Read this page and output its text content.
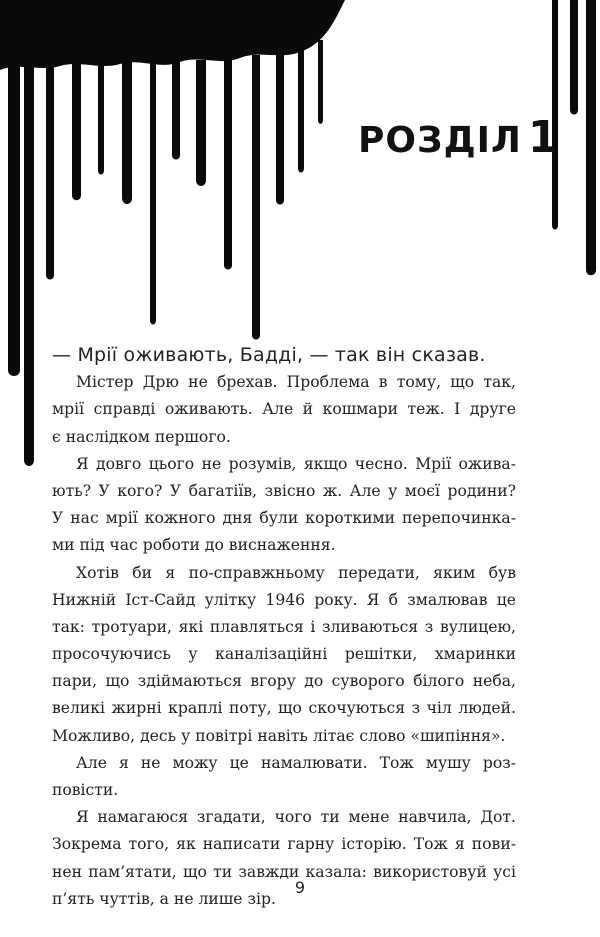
РОЗДІЛ 1
— Мрії оживають, Бадді, — так він сказав.
Містер Дрю не брехав. Проблема в тому, що так,
мрії справді оживають. Але й кошмари теж. І друге
є наслідком першого.
Я довго цього не розумів, якщо чесно. Мрії ожива-
ють? У кого? У багатіїв, звісно ж. Але у моєї родини?
У нас мрії кожного дня були короткими перепочинка-
ми під час роботи до виснаження.
Хотів би я по-справжньому передати, яким був
Нижній Іст-Сайд улітку 1946 року. Я б змалював це
так: тротуари, які плавляться і зливаються з вулицею,
просочуючись у каналізаційні решітки, хмаринки
пари, що здіймаються вгору до суворого білого неба,
великі жирні краплі поту, що скочуються з чіл людей.
Можливо, десь у повітрі навіть літає слово «шипіння».
Але я не можу це намалювати. Тож мушу роз-
повісти.
Я намагаюся згадати, чого ти мене навчила, Дот.
Зокрема того, як написати гарну історію. Тож я пови-
нен пам’ятати, що ти завжди казала: використовуй усі
п’ять чуттів, а не лише зір.
9
